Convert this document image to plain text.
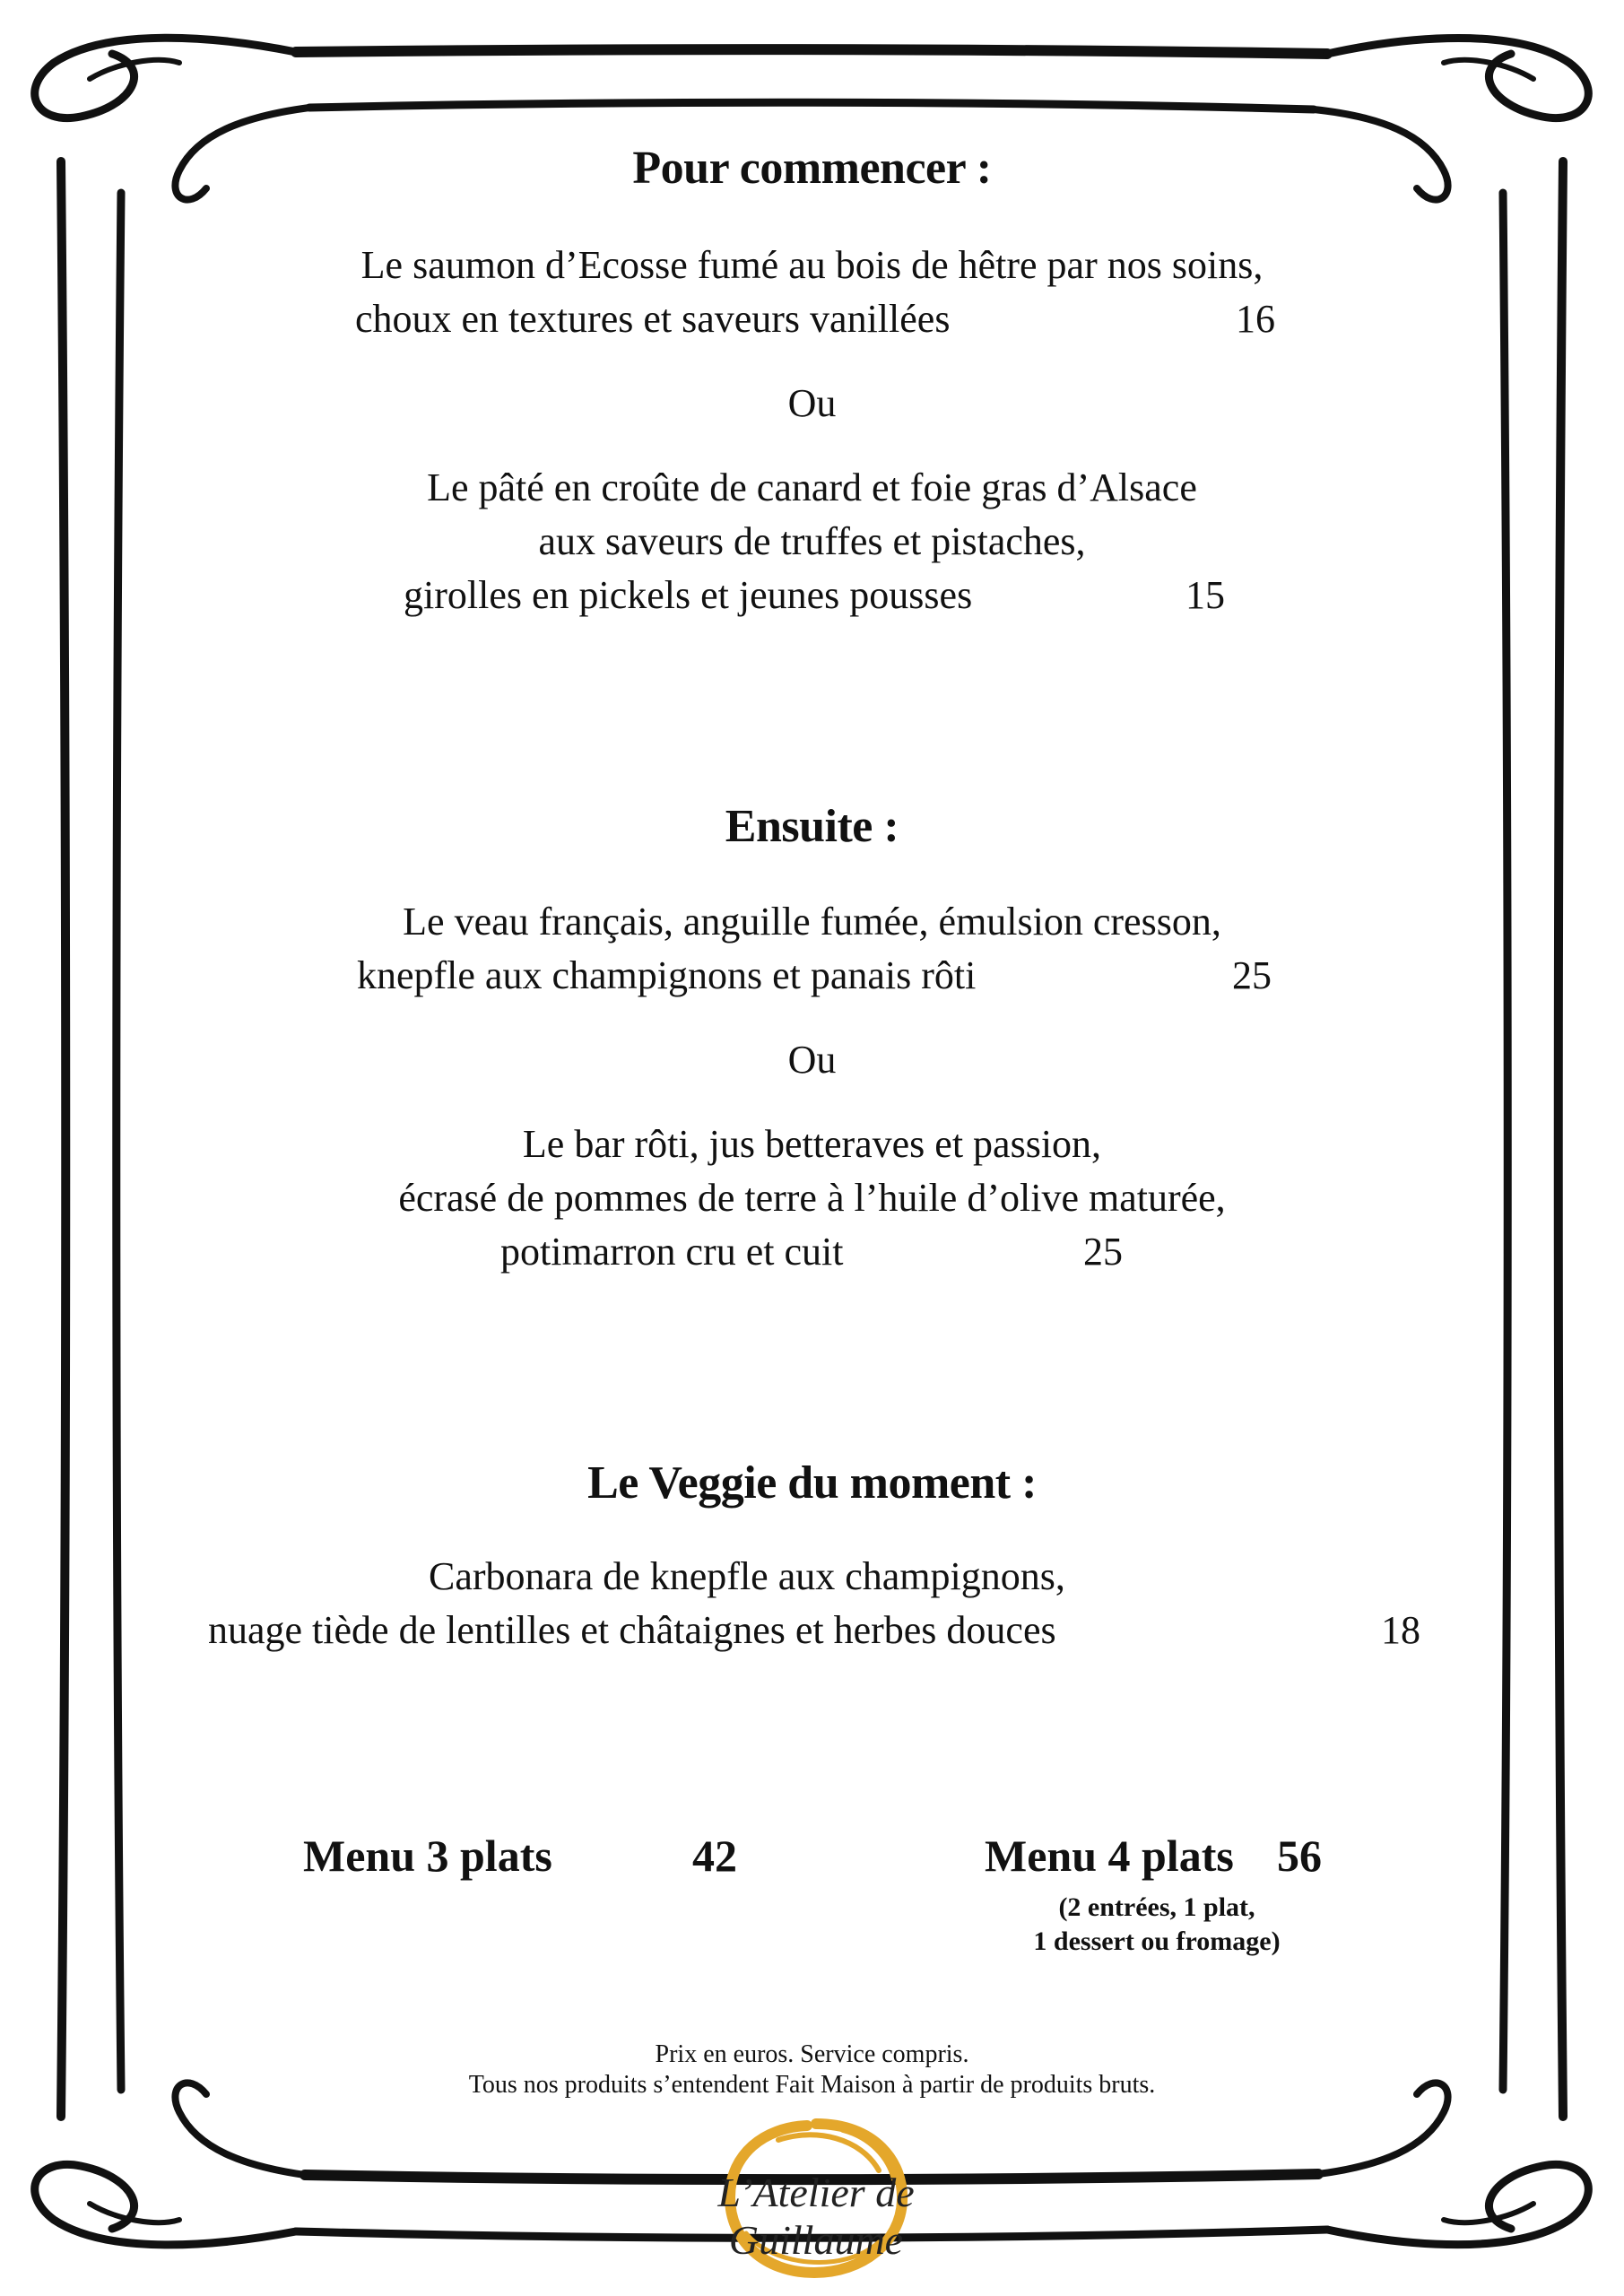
Pour commencer :
Le saumon d’Ecosse fumé au bois de hêtre par nos soins,
choux en textures et saveurs vanillées	16
Ou
Le pâté en croûte de canard et foie gras d’Alsace
aux saveurs de truffes et pistaches,
girolles en pickels et jeunes pousses	15
Ensuite :
Le veau français, anguille fumée, émulsion cresson,
knepfle aux champignons et panais rôti	25
Ou
Le bar rôti, jus betteraves et passion,
écrasé de pommes de terre à l’huile d’olive maturée,
potimarron cru et cuit	25
Le Veggie du moment :
Carbonara de knepfle aux champignons,
nuage tiède de lentilles et châtaignes et herbes douces	18
Menu 3 plats	42	Menu 4 plats 56
(2 entrées, 1 plat,
1 dessert ou fromage)
Prix en euros. Service compris.
Tous nos produits s’entendent Fait Maison à partir de produits bruts.
L’Atelier de Guillaume
